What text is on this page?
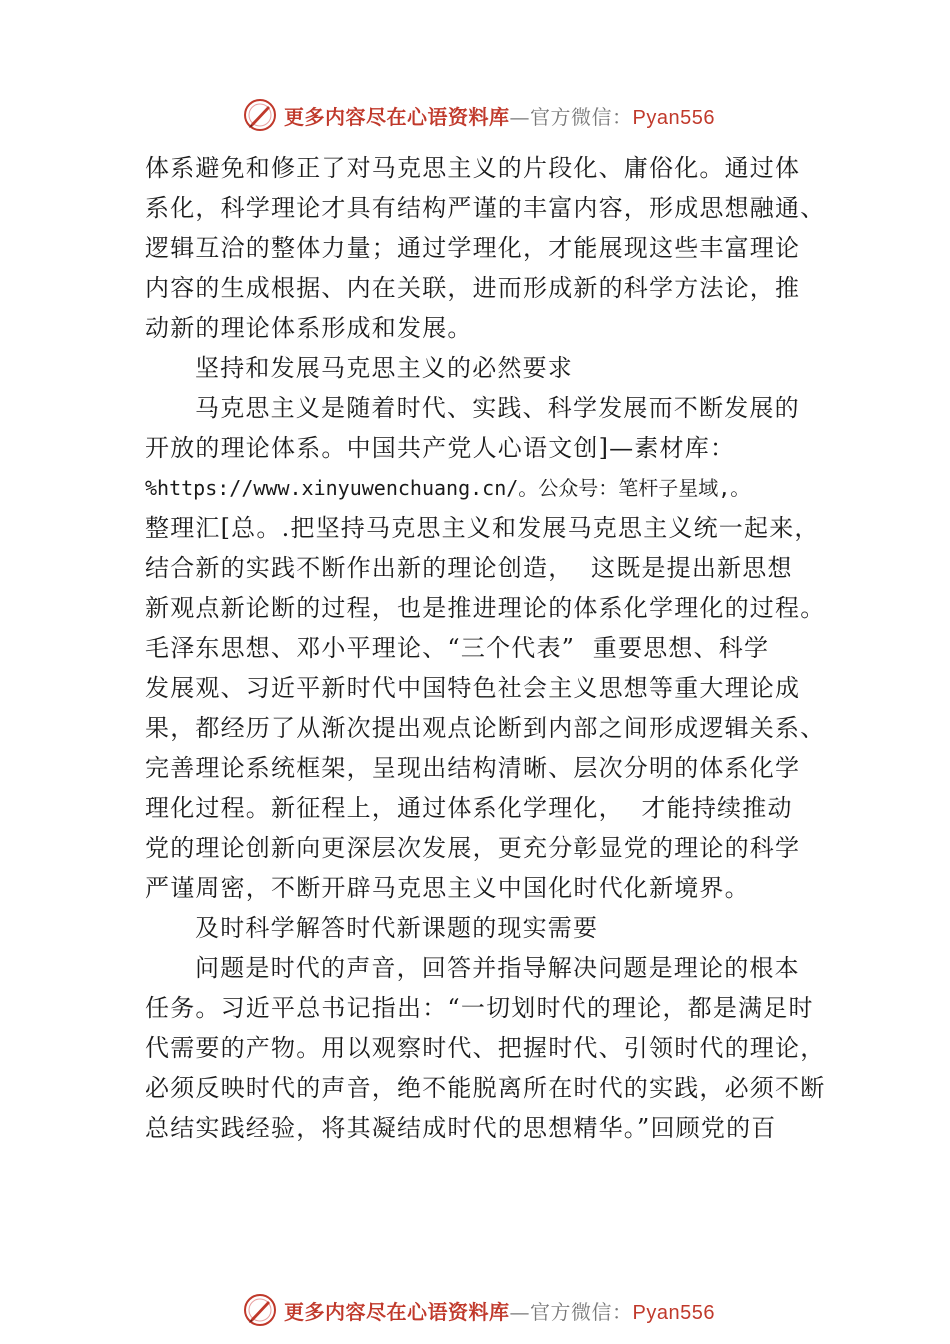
更多内容尽在心语资料库—官方微信：Pyan556
体系避免和修正了对马克思主义的片段化、庸俗化。通过体
系化，科学理论才具有结构严谨的丰富内容，形成思想融通、
逻辑互洽的整体力量；通过学理化，才能展现这些丰富理论
内容的生成根据、内在关联，进而形成新的科学方法论，推
动新的理论体系形成和发展。
坚持和发展马克思主义的必然要求
马克思主义是随着时代、实践、科学发展而不断发展的
开放的理论体系。中国共产党人心语文创]—素材库：
%https://www.xinyuwenchuang.cn/。公众号：笔杆子星域,。
整理汇[总。.把坚持马克思主义和发展马克思主义统一起来，
结合新的实践不断作出新的理论创造，  这既是提出新思想
新观点新论断的过程，也是推进理论的体系化学理化的过程。
毛泽东思想、邓小平理论、“三个代表”  重要思想、科学
发展观、习近平新时代中国特色社会主义思想等重大理论成
果，都经历了从渐次提出观点论断到内部之间形成逻辑关系、
完善理论系统框架，呈现出结构清晰、层次分明的体系化学
理化过程。新征程上，通过体系化学理化，  才能持续推动
党的理论创新向更深层次发展，更充分彰显党的理论的科学
严谨周密，不断开辟马克思主义中国化时代化新境界。
及时科学解答时代新课题的现实需要
问题是时代的声音，回答并指导解决问题是理论的根本
任务。习近平总书记指出：“一切划时代的理论，都是满足时
代需要的产物。用以观察时代、把握时代、引领时代的理论，
必须反映时代的声音，绝不能脱离所在时代的实践，必须不断
总结实践经验，将其凝结成时代的思想精华。”回顾党的百
更多内容尽在心语资料库—官方微信：Pyan556
